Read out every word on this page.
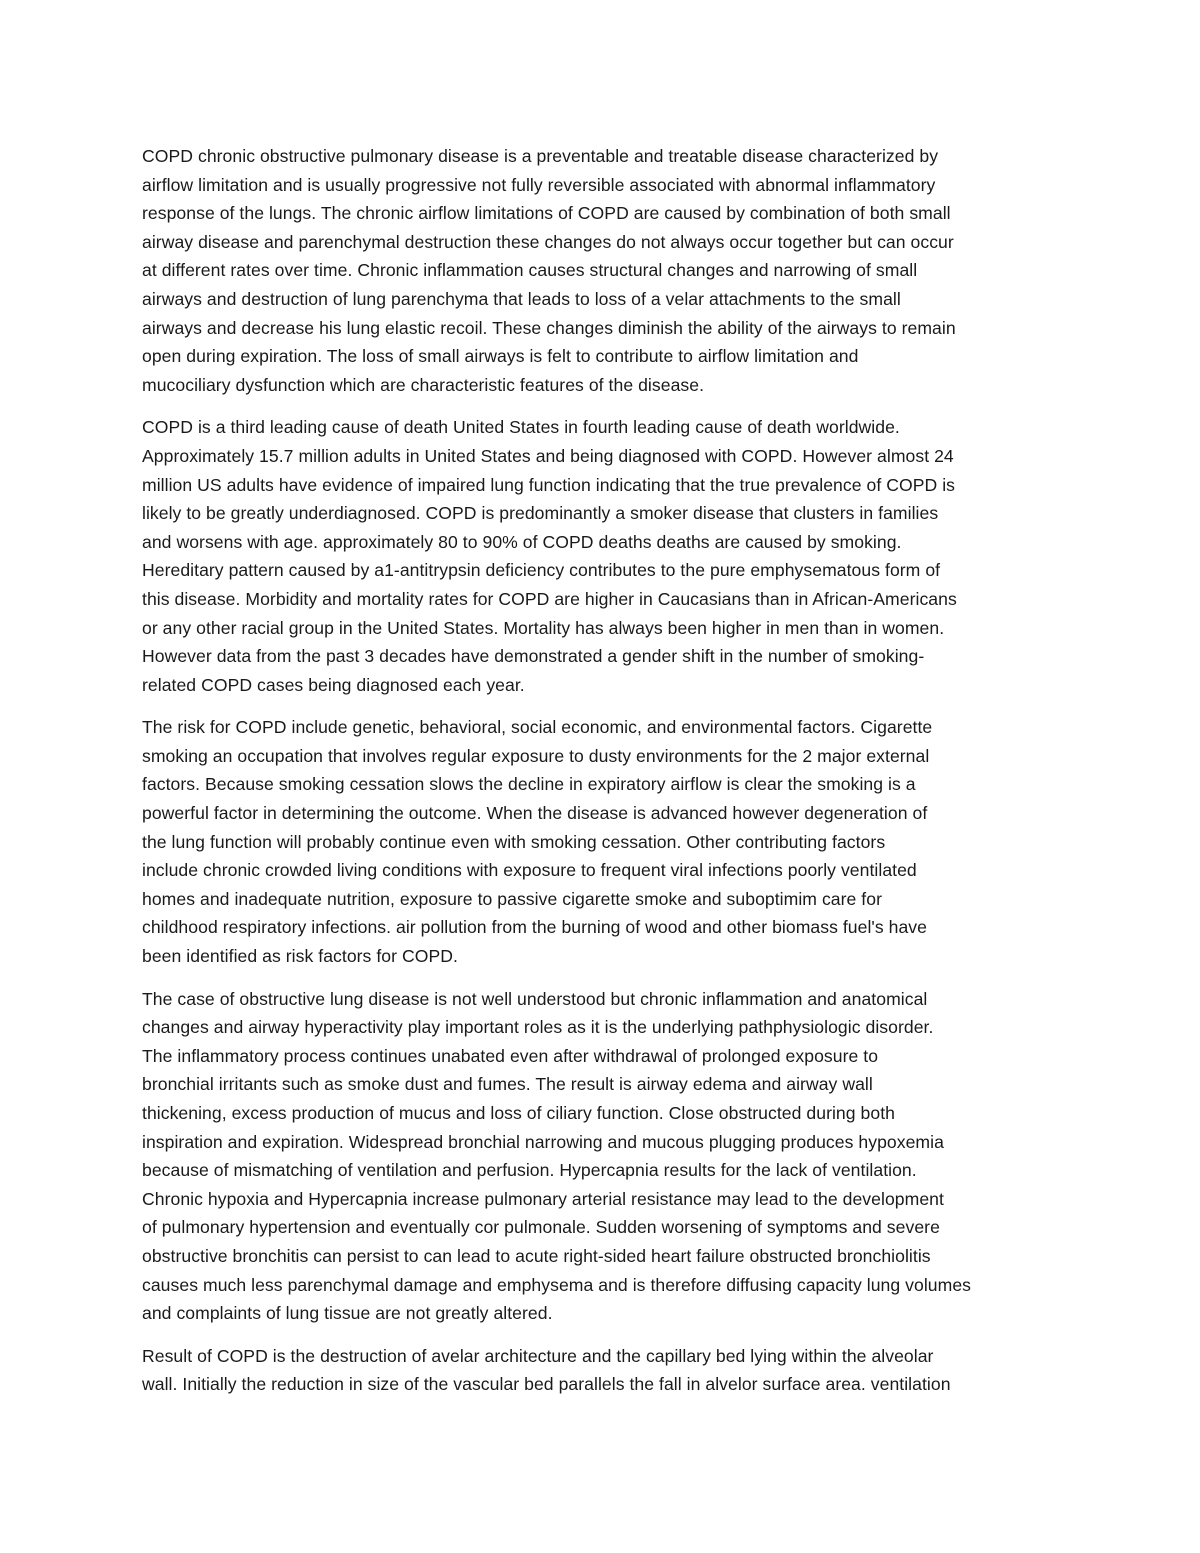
COPD chronic obstructive pulmonary disease is a preventable and treatable disease characterized by
airflow limitation and is usually progressive not fully reversible associated with abnormal inflammatory
response of the lungs. The chronic airflow limitations of COPD are caused by combination of both small
airway disease and parenchymal destruction these changes do not always occur together but can occur
at different rates over time. Chronic inflammation causes structural changes and narrowing of small
airways and destruction of lung parenchyma that leads to loss of a velar attachments to the small
airways and decrease his lung elastic recoil. These changes diminish the ability of the airways to remain
open during expiration. The loss of small airways is felt to contribute to airflow limitation and
mucociliary dysfunction which are characteristic features of the disease.
COPD is a third leading cause of death United States in fourth leading cause of death worldwide.
Approximately 15.7 million adults in United States and being diagnosed with COPD. However almost 24
million US adults have evidence of impaired lung function indicating that the true prevalence of COPD is
likely to be greatly underdiagnosed. COPD is predominantly a smoker disease that clusters in families
and worsens with age. approximately 80 to 90% of COPD deaths deaths are caused by smoking.
Hereditary pattern caused by a1-antitrypsin deficiency contributes to the pure emphysematous form of
this disease. Morbidity and mortality rates for COPD are higher in Caucasians than in African-Americans
or any other racial group in the United States. Mortality has always been higher in men than in women.
However data from the past 3 decades have demonstrated a gender shift in the number of smoking-
related COPD cases being diagnosed each year.
The risk for COPD include genetic, behavioral, social economic, and environmental factors. Cigarette
smoking an occupation that involves regular exposure to dusty environments for the 2 major external
factors. Because smoking cessation slows the decline in expiratory airflow is clear the smoking is a
powerful factor in determining the outcome. When the disease is advanced however degeneration of
the lung function will probably continue even with smoking cessation. Other contributing factors
include chronic crowded living conditions with exposure to frequent viral infections poorly ventilated
homes and inadequate nutrition, exposure to passive cigarette smoke and suboptimim care for
childhood respiratory infections. air pollution from the burning of wood and other biomass fuel's have
been identified as risk factors for COPD.
The case of obstructive lung disease is not well understood but chronic inflammation and anatomical
changes and airway hyperactivity play important roles as it is the underlying pathphysiologic disorder.
The inflammatory process continues unabated even after withdrawal of prolonged exposure to
bronchial irritants such as smoke dust and fumes. The result is airway edema and airway wall
thickening, excess production of mucus and loss of ciliary function. Close obstructed during both
inspiration and expiration. Widespread bronchial narrowing and mucous plugging produces hypoxemia
because of mismatching of ventilation and perfusion. Hypercapnia results for the lack of ventilation.
Chronic hypoxia and Hypercapnia increase pulmonary arterial resistance may lead to the development
of pulmonary hypertension and eventually cor pulmonale. Sudden worsening of symptoms and severe
obstructive bronchitis can persist to can lead to acute right-sided heart failure obstructed bronchiolitis
causes much less parenchymal damage and emphysema and is therefore diffusing capacity lung volumes
and complaints of lung tissue are not greatly altered.
Result of COPD is the destruction of avelar architecture and the capillary bed lying within the alveolar
wall. Initially the reduction in size of the vascular bed parallels the fall in alvelor surface area. ventilation
